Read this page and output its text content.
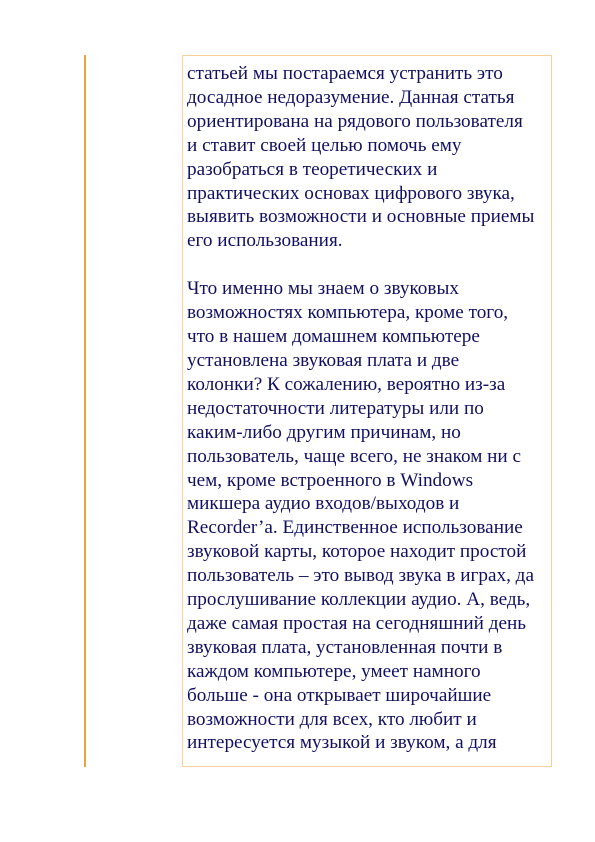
статьей мы постараемся устранить это
досадное недоразумение. Данная статья
ориентирована на рядового пользователя
и ставит своей целью помочь ему
разобраться в теоретических и
практических основах цифрового звука,
выявить возможности и основные приемы
его использования.

Что именно мы знаем о звуковых
возможностях компьютера, кроме того,
что в нашем домашнем компьютере
установлена звуковая плата и две
колонки? К сожалению, вероятно из-за
недостаточности литературы или по
каким-либо другим причинам, но
пользователь, чаще всего, не знаком ни с
чем, кроме встроенного в Windows
микшера аудио входов/выходов и
Recorder’a. Единственное использование
звуковой карты, которое находит простой
пользователь – это вывод звука в играх, да
прослушивание коллекции аудио. А, ведь,
даже самая простая на сегодняшний день
звуковая плата, установленная почти в
каждом компьютере, умеет намного
больше - она открывает широчайшие
возможности для всех, кто любит и
интересуется музыкой и звуком, а для
